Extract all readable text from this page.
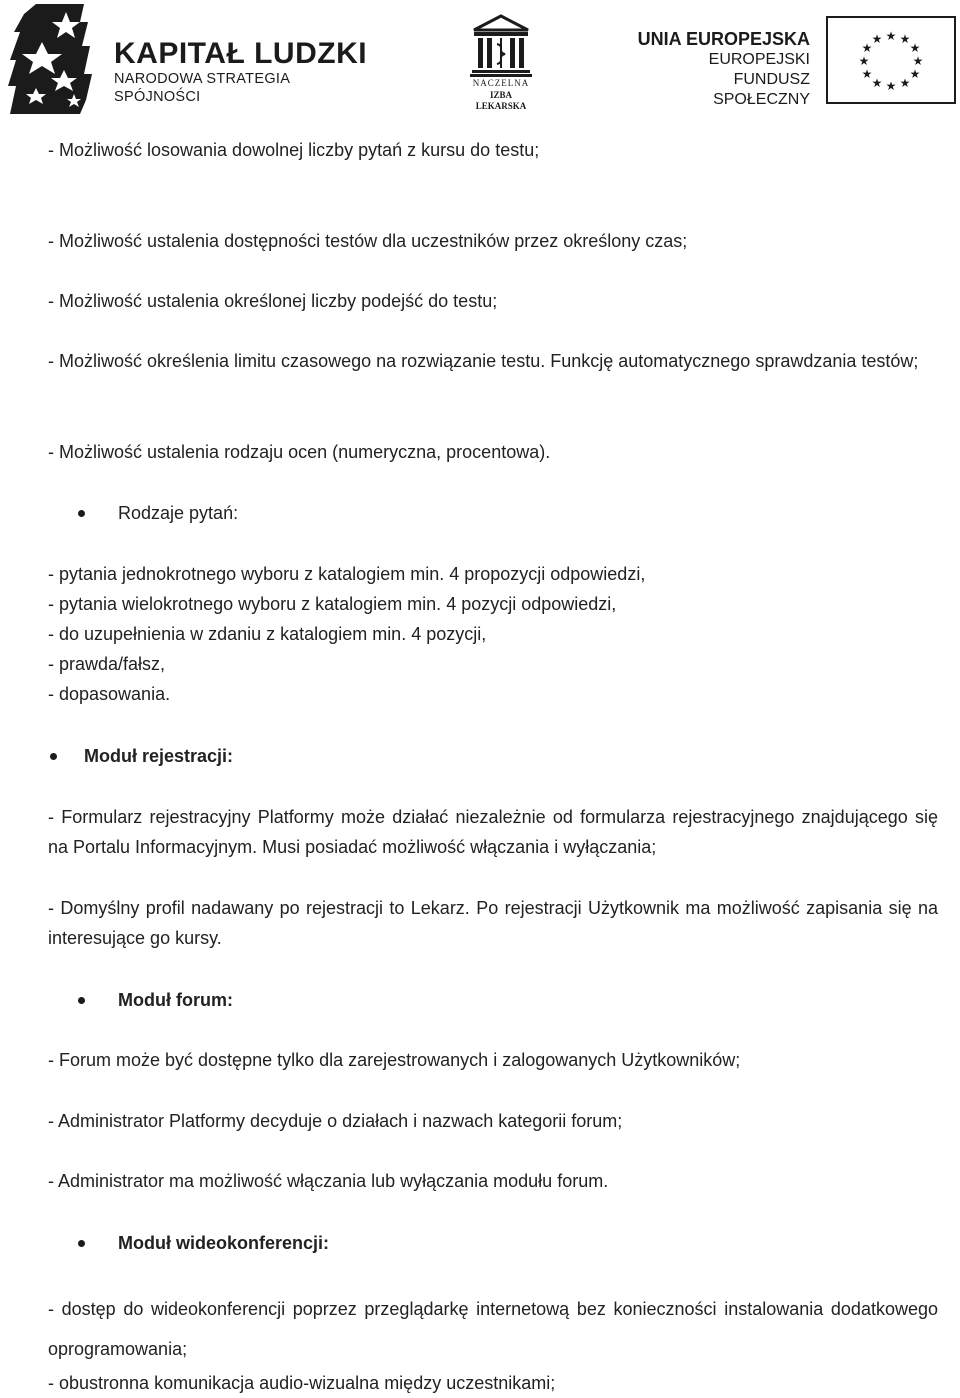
KAPITAŁ LUDZKI
NARODOWA STRATEGIA SPÓJNOŚCI
NACZELNA
IZBA LEKARSKA
UNIA EUROPEJSKA
EUROPEJSKI
FUNDUSZ SPOŁECZNY
★ ★
★
★
★
★
★
★
★
★
★
★

- Możliwość losowania dowolnej liczby pytań z kursu do testu;

- Możliwość ustalenia dostępności testów dla uczestników przez określony czas;

- Możliwość ustalenia określonej liczby podejść do testu;

- Możliwość określenia limitu czasowego na rozwiązanie testu. Funkcję automatycznego sprawdzania testów;

- Możliwość ustalenia rodzaju ocen (numeryczna, procentowa).

Rodzaje pytań:

- pytania jednokrotnego wyboru z katalogiem min. 4 propozycji odpowiedzi,

- pytania wielokrotnego wyboru z katalogiem min. 4 pozycji odpowiedzi,

- do uzupełnienia w zdaniu z katalogiem min. 4 pozycji,

- prawda/fałsz,

- dopasowania.

Moduł rejestracji:

- Formularz rejestracyjny Platformy może działać niezależnie od formularza rejestracyjnego znajdującego się na Portalu Informacyjnym. Musi posiadać możliwość włączania i wyłączania;

- Domyślny profil nadawany po rejestracji to Lekarz. Po rejestracji Użytkownik ma możliwość zapisania się na interesujące go kursy.

Moduł forum:

- Forum może być dostępne tylko dla zarejestrowanych i zalogowanych Użytkowników;

- Administrator Platformy decyduje o działach i nazwach kategorii forum;

- Administrator ma możliwość włączania lub wyłączania modułu forum.

Moduł wideokonferencji:

- dostęp do wideokonferencji poprzez przeglądarkę internetową bez konieczności instalowania dodatkowego oprogramowania;

- obustronna komunikacja audio-wizualna między uczestnikami;
